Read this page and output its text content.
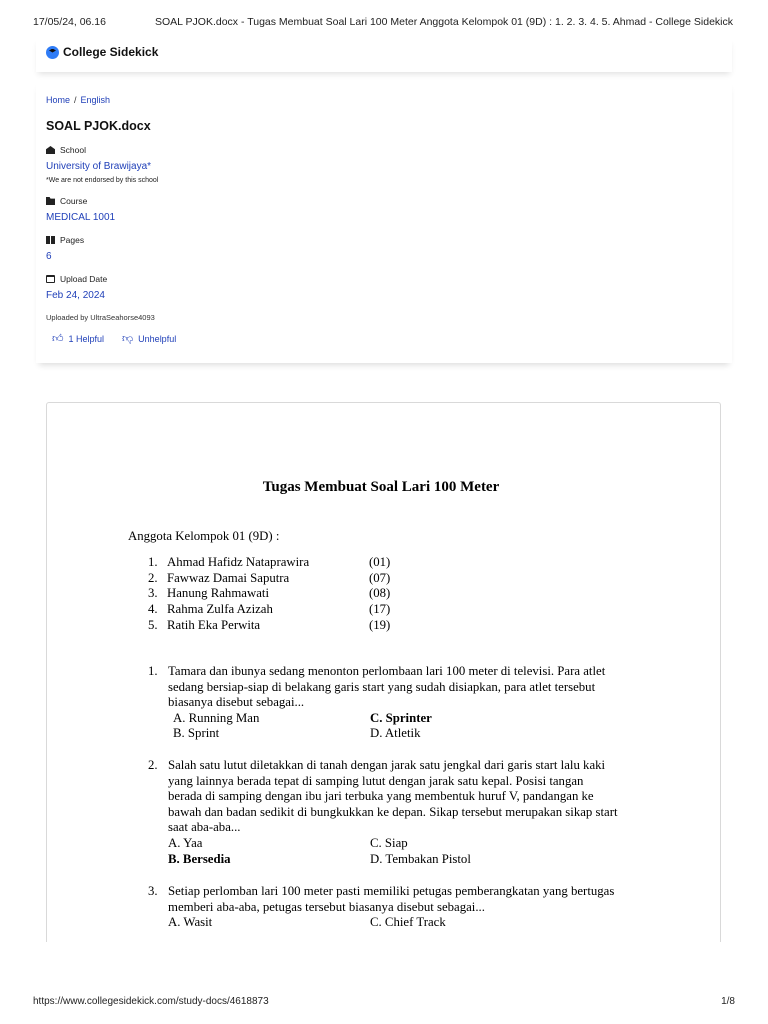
17/05/24, 06.16	SOAL PJOK.docx - Tugas Membuat Soal Lari 100 Meter Anggota Kelompok 01 (9D) : 1. 2. 3. 4. 5. Ahmad - College Sidekick
College Sidekick
Home / English
SOAL PJOK.docx
School
University of Brawijaya*
*We are not endorsed by this school
Course
MEDICAL 1001
Pages
6
Upload Date
Feb 24, 2024
Uploaded by UltraSeahorse4093
👍︎ 1 Helpful 👎︎ Unhelpful
Tugas Membuat Soal Lari 100 Meter
Anggota Kelompok 01 (9D) :
1. Ahmad Hafidz Nataprawira	(01)
2. Fawwaz Damai Saputra	(07)
3. Hanung Rahmawati	(08)
4. Rahma Zulfa Azizah	(17)
5. Ratih Eka Perwita	(19)
1. Tamara dan ibunya sedang menonton perlombaan lari 100 meter di televisi. Para atlet sedang bersiap-siap di belakang garis start yang sudah disiapkan, para atlet tersebut biasanya disebut sebagai...
A. Running Man	C. Sprinter
B. Sprint	D. Atletik
2. Salah satu lutut diletakkan di tanah dengan jarak satu jengkal dari garis start lalu kaki yang lainnya berada tepat di samping lutut dengan jarak satu kepal. Posisi tangan berada di samping dengan ibu jari terbuka yang membentuk huruf V, pandangan ke bawah dan badan sedikit di bungkukkan ke depan. Sikap tersebut merupakan sikap start saat aba-aba...
A. Yaa	C. Siap
B. Bersedia	D. Tembakan Pistol
3. Setiap perlomban lari 100 meter pasti memiliki petugas pemberangkatan yang bertugas memberi aba-aba, petugas tersebut biasanya disebut sebagai...
A. Wasit	C. Chief Track
https://www.collegesidekick.com/study-docs/4618873	1/8
